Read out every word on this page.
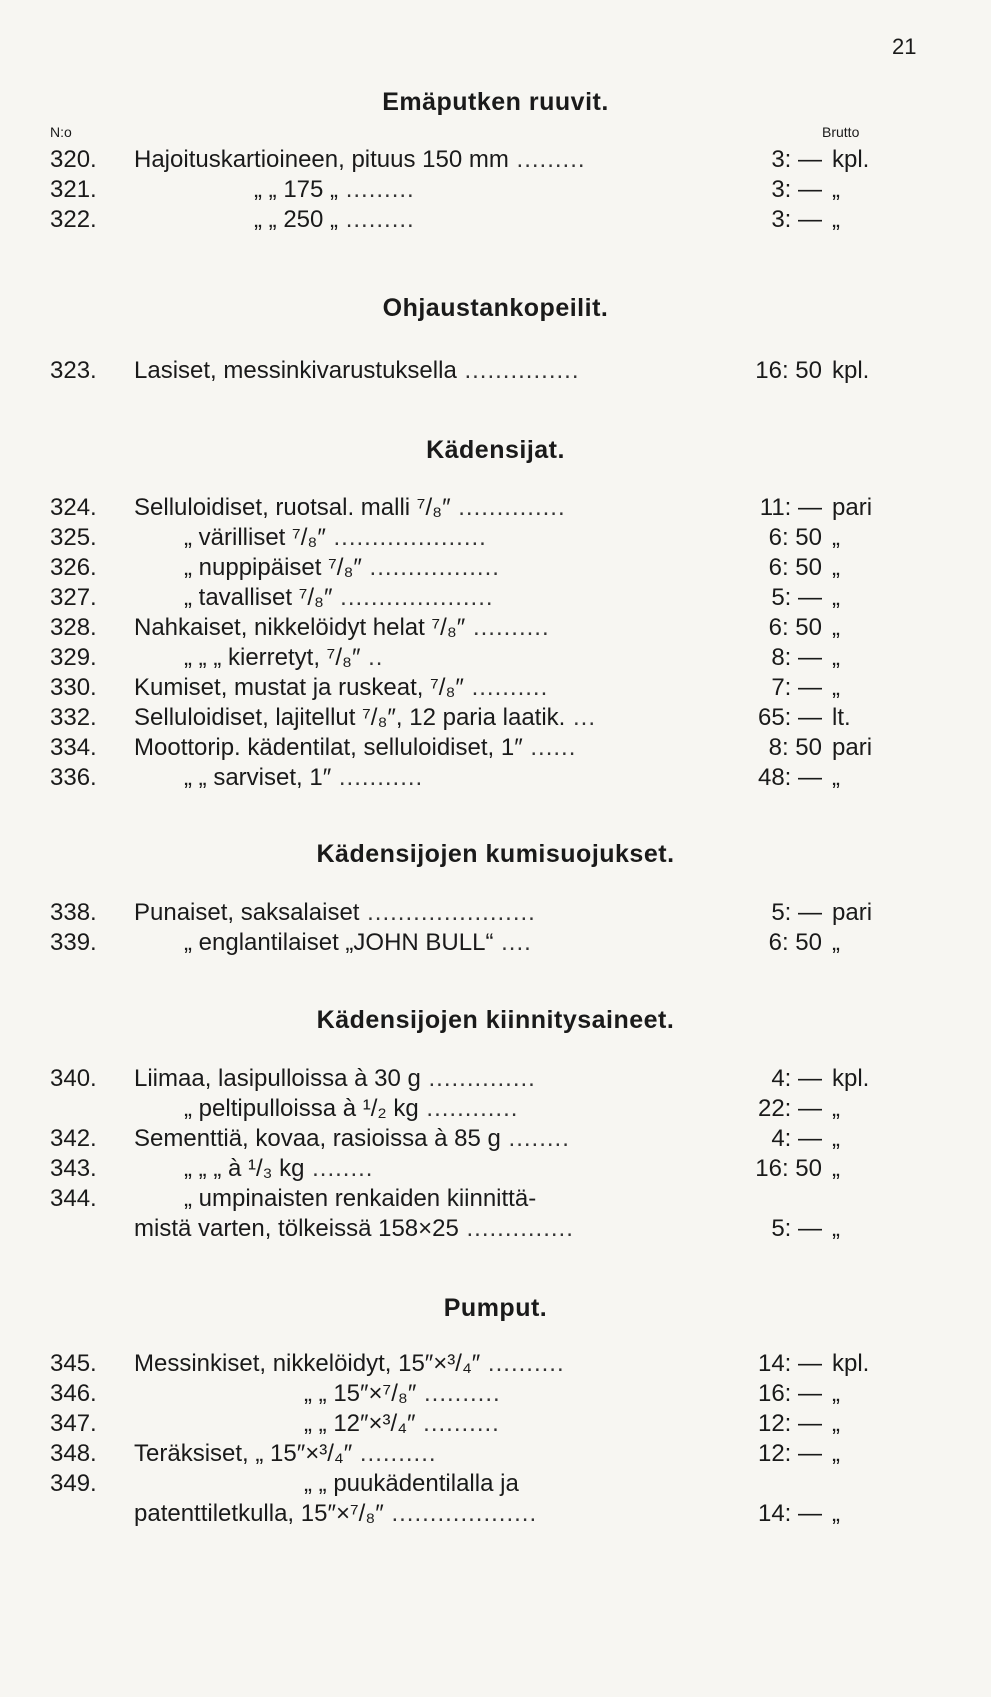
21
N:o	Brutto
Emäputken ruuvit.
320.	Hajoituskartioineen, pituus 150 mm .........	3: — kpl.
321.	„ „ 175 „ .........	3: — „
322.	„ „ 250 „ .........	3: — „
Ohjaustankopeilit.
323.	Lasiset, messinkivarustuksella ...............	16: 50 kpl.
Kädensijat.
324.	Selluloidiset, ruotsal. malli ⁷/₈″ ..............	11: — pari
325.	„ värilliset ⁷/₈″ ....................	6: 50 „
326.	„ nuppipäiset ⁷/₈″ .................	6: 50 „
327.	„ tavalliset ⁷/₈″ ....................	5: — „
328.	Nahkaiset, nikkelöidyt helat ⁷/₈″ ..........	6: 50 „
329.	„ „ „ kierretyt, ⁷/₈″ ..	8: — „
330.	Kumiset, mustat ja ruskeat, ⁷/₈″ ..........	7: — „
332.	Selluloidiset, lajitellut ⁷/₈″, 12 paria laatik. ...	65: — lt.
334.	Moottorip. kädentilat, selluloidiset, 1″ ......	8: 50 pari
336.	„ „ sarviset, 1″ ...........	48: — „
Kädensijojen kumisuojukset.
338.	Punaiset, saksalaiset ......................	5: — pari
339.	„ englantilaiset „JOHN BULL“ ....	6: 50 „
Kädensijojen kiinnitysaineet.
340.	Liimaa, lasipulloissa à 30 g ..............	4: — kpl.
„ peltipulloissa à ¹/₂ kg ............	22: — „
342.	Sementtiä, kovaa, rasioissa à 85 g ........	4: — „
343.	„ „ „ à ¹/₃ kg ........	16: 50 „
344.	„ umpinaisten renkaiden kiinnittä-
mistä varten, tölkeissä 158×25 ..............	5: — „
Pumput.
345.	Messinkiset, nikkelöidyt, 15″×³/₄″ ..........	14: — kpl.
346.	„ „ 15″×⁷/₈″ ..........	16: — „
347.	„ „ 12″×³/₄″ ..........	12: — „
348.	Teräksiset, „ 15″×³/₄″ ..........	12: — „
349.	„ „ puukädentilalla ja
patenttiletkulla, 15″×⁷/₈″ ...................	14: — „
